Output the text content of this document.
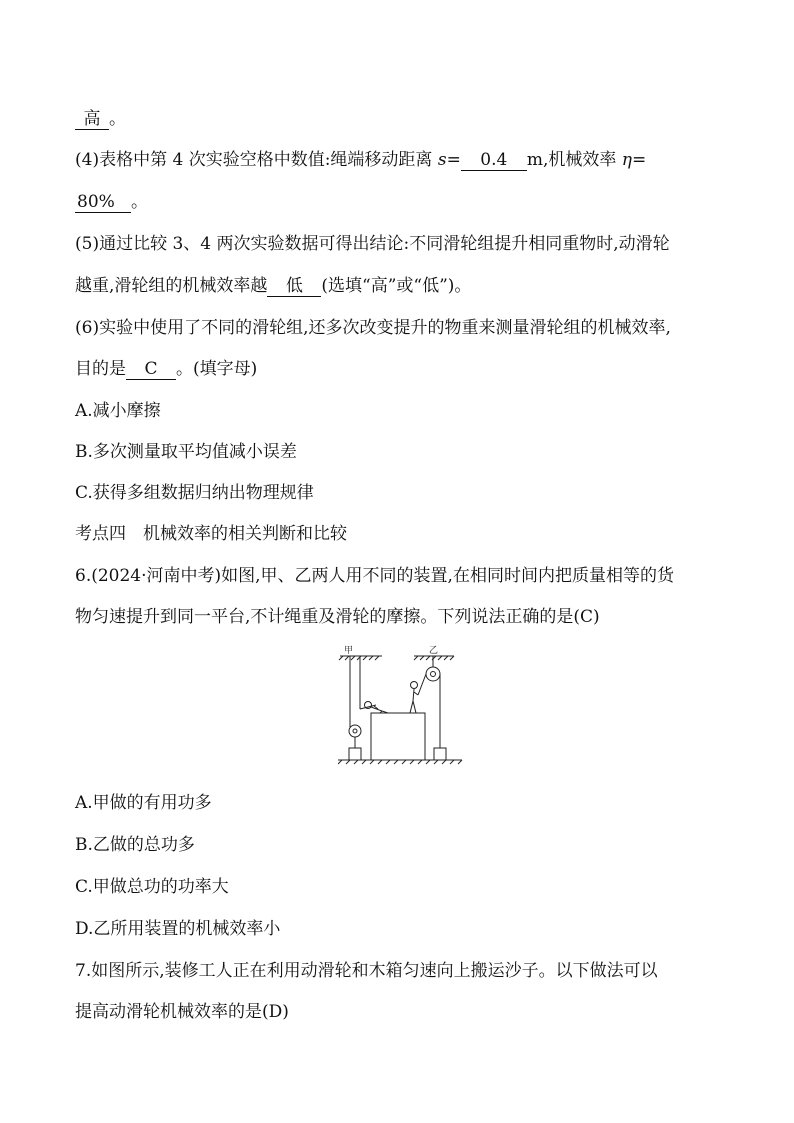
高 。
(4)表格中第 4 次实验空格中数值:绳端移动距离 s= 0.4 m,机械效率 η=
80% 。
(5)通过比较 3、4 两次实验数据可得出结论:不同滑轮组提升相同重物时,动滑轮
越重,滑轮组的机械效率越 低 (选填“高”或“低”)。
(6)实验中使用了不同的滑轮组,还多次改变提升的物重来测量滑轮组的机械效率,
目的是 C 。(填字母)
A.减小摩擦
B.多次测量取平均值减小误差
C.获得多组数据归纳出物理规律
考点四　机械效率的相关判断和比较
6.(2024·河南中考)如图,甲、乙两人用不同的装置,在相同时间内把质量相等的货
物匀速提升到同一平台,不计绳重及滑轮的摩擦。下列说法正确的是(C)
甲	乙
A.甲做的有用功多
B.乙做的总功多
C.甲做总功的功率大
D.乙所用装置的机械效率小
7.如图所示,装修工人正在利用动滑轮和木箱匀速向上搬运沙子。以下做法可以
提高动滑轮机械效率的是(D)
